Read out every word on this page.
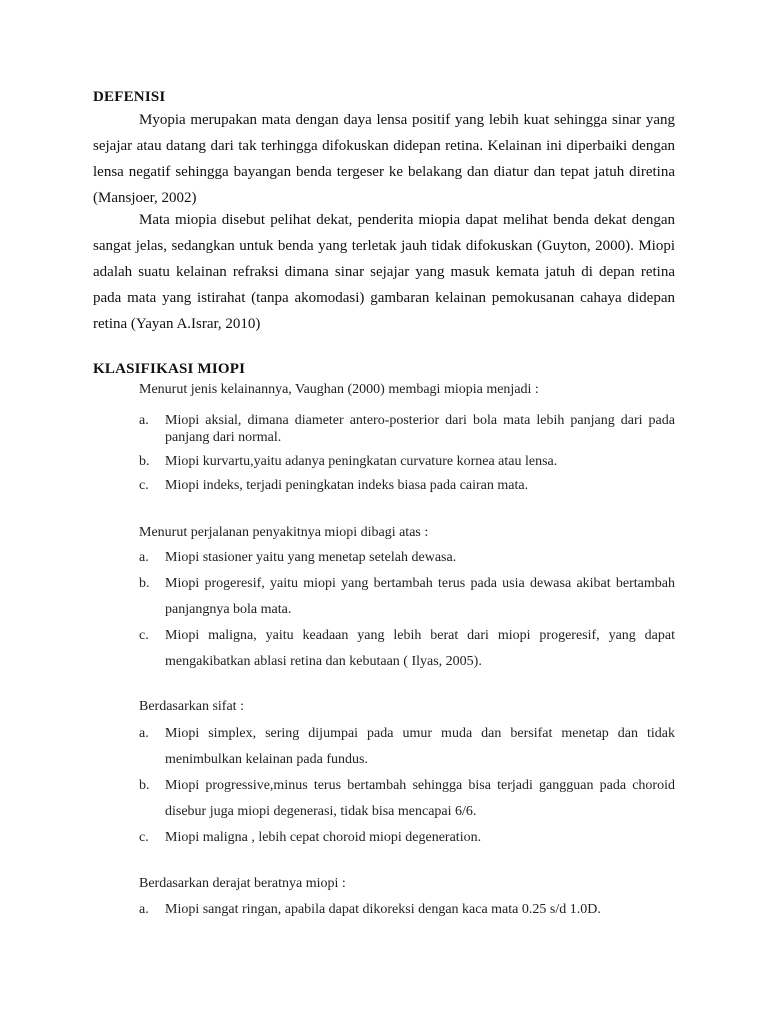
DEFENISI

Myopia merupakan mata dengan daya lensa positif yang lebih kuat sehingga sinar yang sejajar atau datang dari tak terhingga difokuskan didepan retina. Kelainan ini diperbaiki dengan lensa negatif sehingga bayangan benda tergeser ke belakang dan diatur dan tepat jatuh diretina (Mansjoer, 2002)

Mata miopia disebut pelihat dekat, penderita miopia dapat melihat benda dekat dengan sangat jelas, sedangkan untuk benda yang terletak jauh tidak difokuskan (Guyton, 2000). Miopi adalah suatu kelainan refraksi dimana sinar sejajar yang masuk kemata jatuh di depan retina pada mata yang istirahat (tanpa akomodasi) gambaran kelainan pemokusanan cahaya didepan retina (Yayan A.Israr, 2010)

KLASIFIKASI MIOPI

Menurut jenis kelainannya, Vaughan (2000) membagi miopia menjadi :

a. Miopi aksial, dimana diameter antero-posterior dari bola mata lebih panjang dari pada panjang dari normal.
b. Miopi kurvartu,yaitu adanya peningkatan curvature kornea atau lensa.
c. Miopi indeks, terjadi peningkatan indeks biasa pada cairan mata.

Menurut perjalanan penyakitnya miopi dibagi atas :

a. Miopi stasioner yaitu yang menetap setelah dewasa.
b. Miopi progeresif, yaitu miopi yang bertambah terus pada usia dewasa akibat bertambah panjangnya bola mata.
c. Miopi maligna, yaitu keadaan yang lebih berat dari miopi progeresif, yang dapat mengakibatkan ablasi retina dan kebutaan ( Ilyas, 2005).

Berdasarkan sifat :

a. Miopi simplex, sering dijumpai pada umur muda dan bersifat menetap dan tidak menimbulkan kelainan pada fundus.
b. Miopi progressive,minus terus bertambah sehingga bisa terjadi gangguan pada choroid disebur juga miopi degenerasi, tidak bisa mencapai 6/6.
c. Miopi maligna , lebih cepat choroid miopi degeneration.

Berdasarkan derajat beratnya miopi :

a. Miopi sangat ringan, apabila dapat dikoreksi dengan kaca mata 0.25 s/d 1.0D.
